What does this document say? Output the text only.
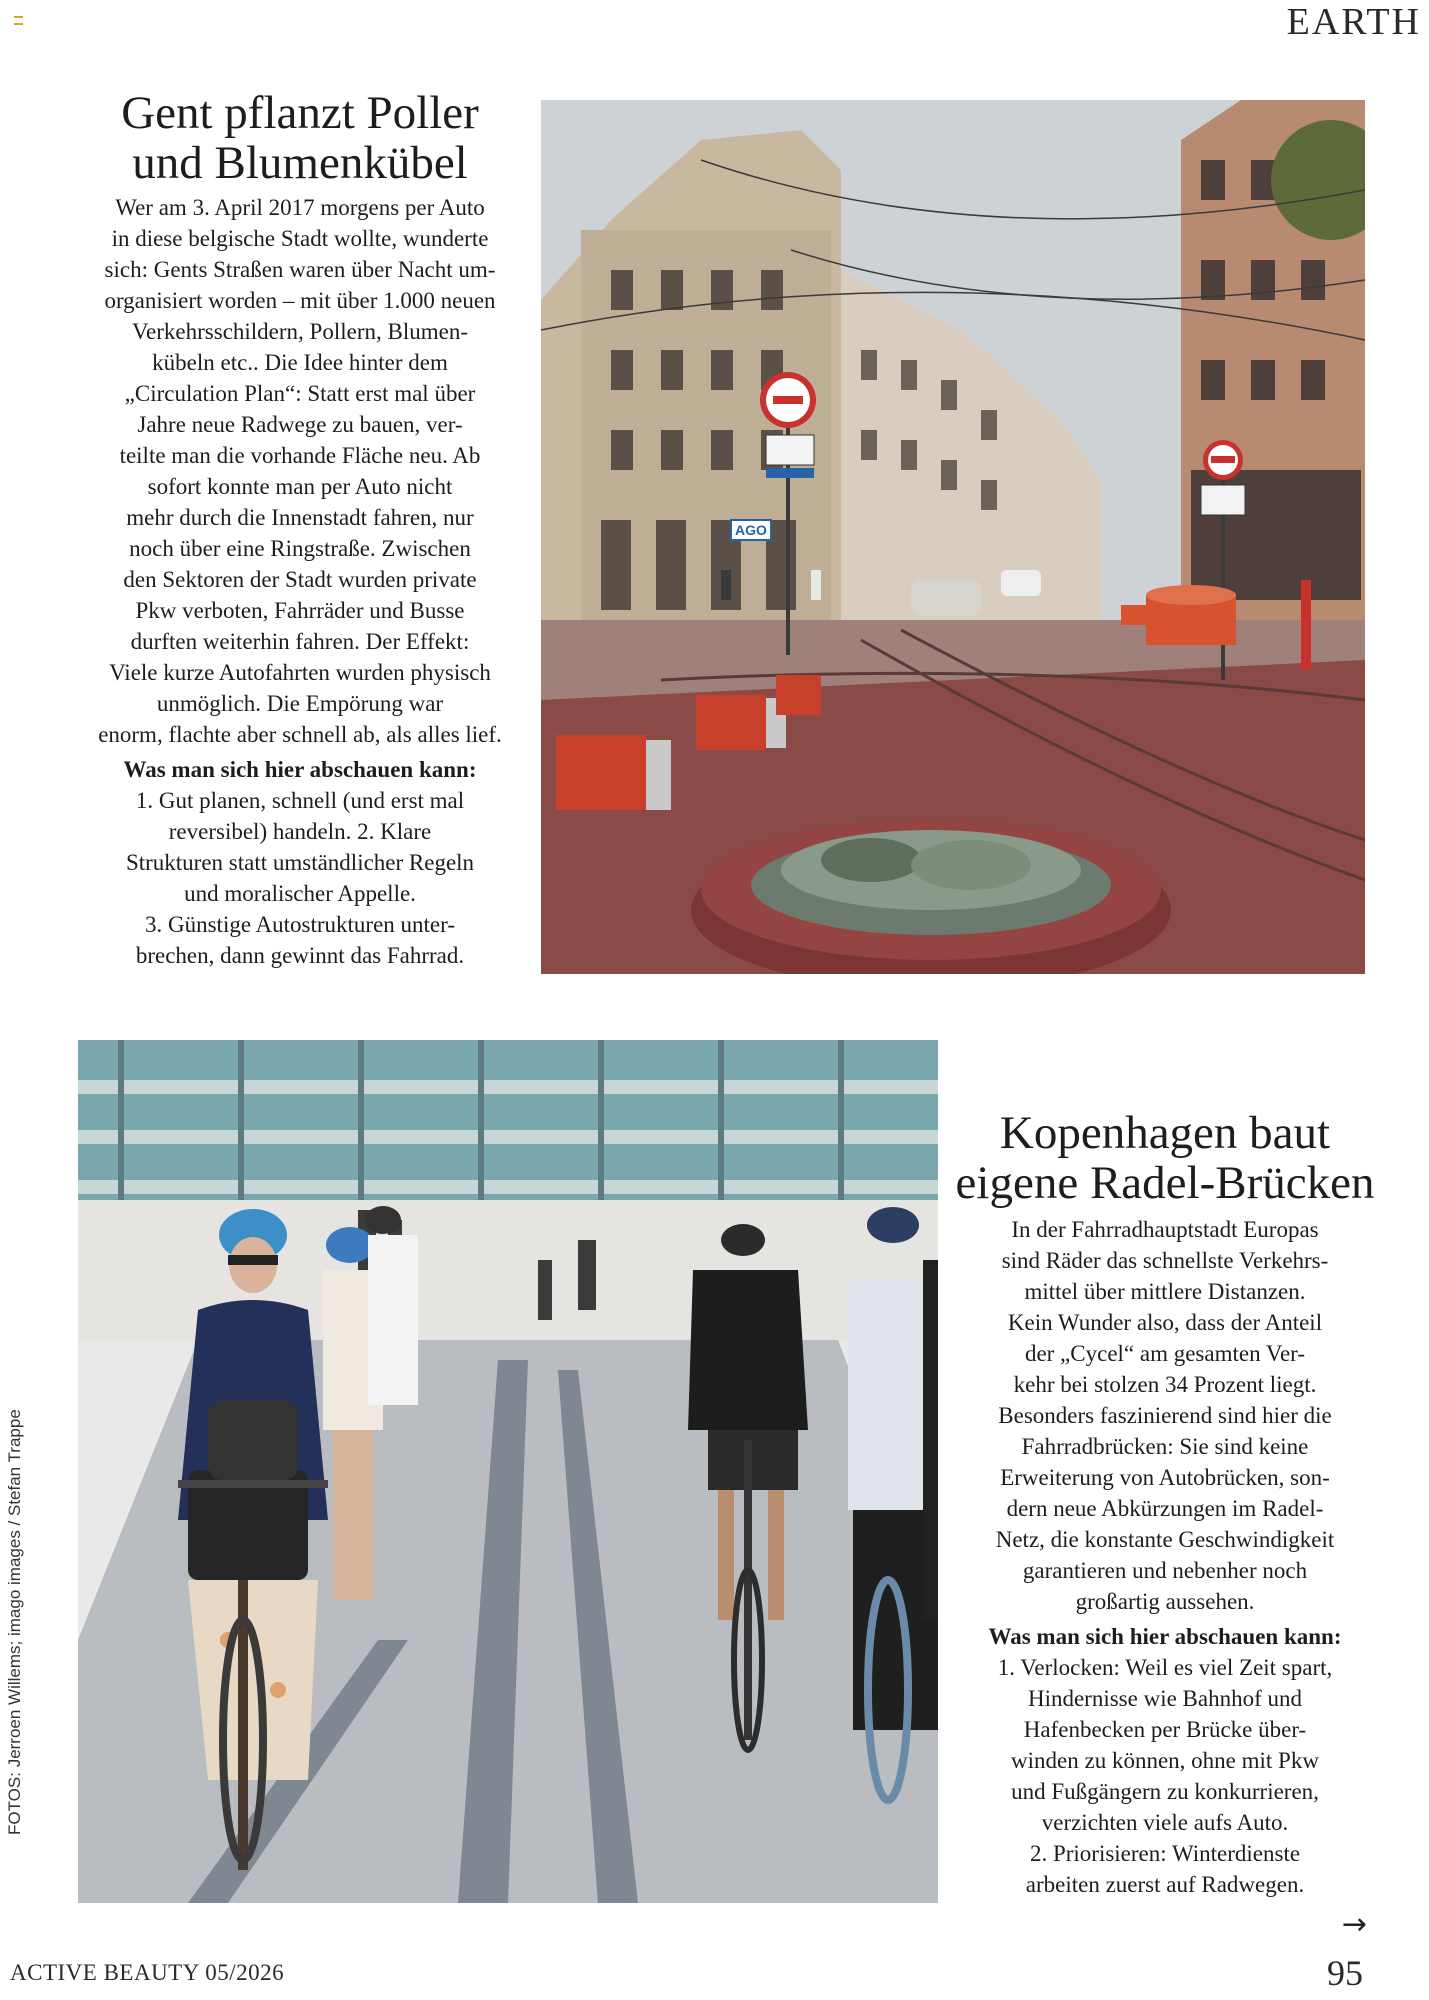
EARTH
Gent pflanzt Poller
und Blumenkübel
Wer am 3. April 2017 morgens per Auto
in diese belgische Stadt wollte, wunderte
sich: Gents Straßen waren über Nacht um-
organisiert worden – mit über 1.000 neuen
Verkehrsschildern, Pollern, Blumen-
kübeln etc.. Die Idee hinter dem
„Circulation Plan“: Statt erst mal über
Jahre neue Radwege zu bauen, ver-
teilte man die vorhande Fläche neu. Ab
sofort konnte man per Auto nicht
mehr durch die Innenstadt fahren, nur
noch über eine Ringstraße. Zwischen
den Sektoren der Stadt wurden private
Pkw verboten, Fahrräder und Busse
durften weiterhin fahren. Der Effekt:
Viele kurze Autofahrten wurden physisch
unmöglich. Die Empörung war
enorm, flachte aber schnell ab, als alles lief.
Was man sich hier abschauen kann:
1. Gut planen, schnell (und erst mal
reversibel) handeln. 2. Klare
Strukturen statt umständlicher Regeln
und moralischer Appelle.
3. Günstige Autostrukturen unter-
brechen, dann gewinnt das Fahrrad.
AGO
Kopenhagen baut
eigene Radel-Brücken
In der Fahrradhauptstadt Europas
sind Räder das schnellste Verkehrs-
mittel über mittlere Distanzen.
Kein Wunder also, dass der Anteil
der „Cycel“ am gesamten Ver-
kehr bei stolzen 34 Prozent liegt.
Besonders faszinierend sind hier die
Fahrradbrücken: Sie sind keine
Erweiterung von Autobrücken, son-
dern neue Abkürzungen im Radel-
Netz, die konstante Geschwindigkeit
garantieren und nebenher noch
großartig aussehen.
Was man sich hier abschauen kann:
1. Verlocken: Weil es viel Zeit spart,
Hindernisse wie Bahnhof und
Hafenbecken per Brücke über-
winden zu können, ohne mit Pkw
und Fußgängern zu konkurrieren,
verzichten viele aufs Auto.
2. Priorisieren: Winterdienste
arbeiten zuerst auf Radwegen.
→
FOTOS: Jerroen Willems; imago images / Stefan Trappe
ACTIVE BEAUTY 05/2026	95
